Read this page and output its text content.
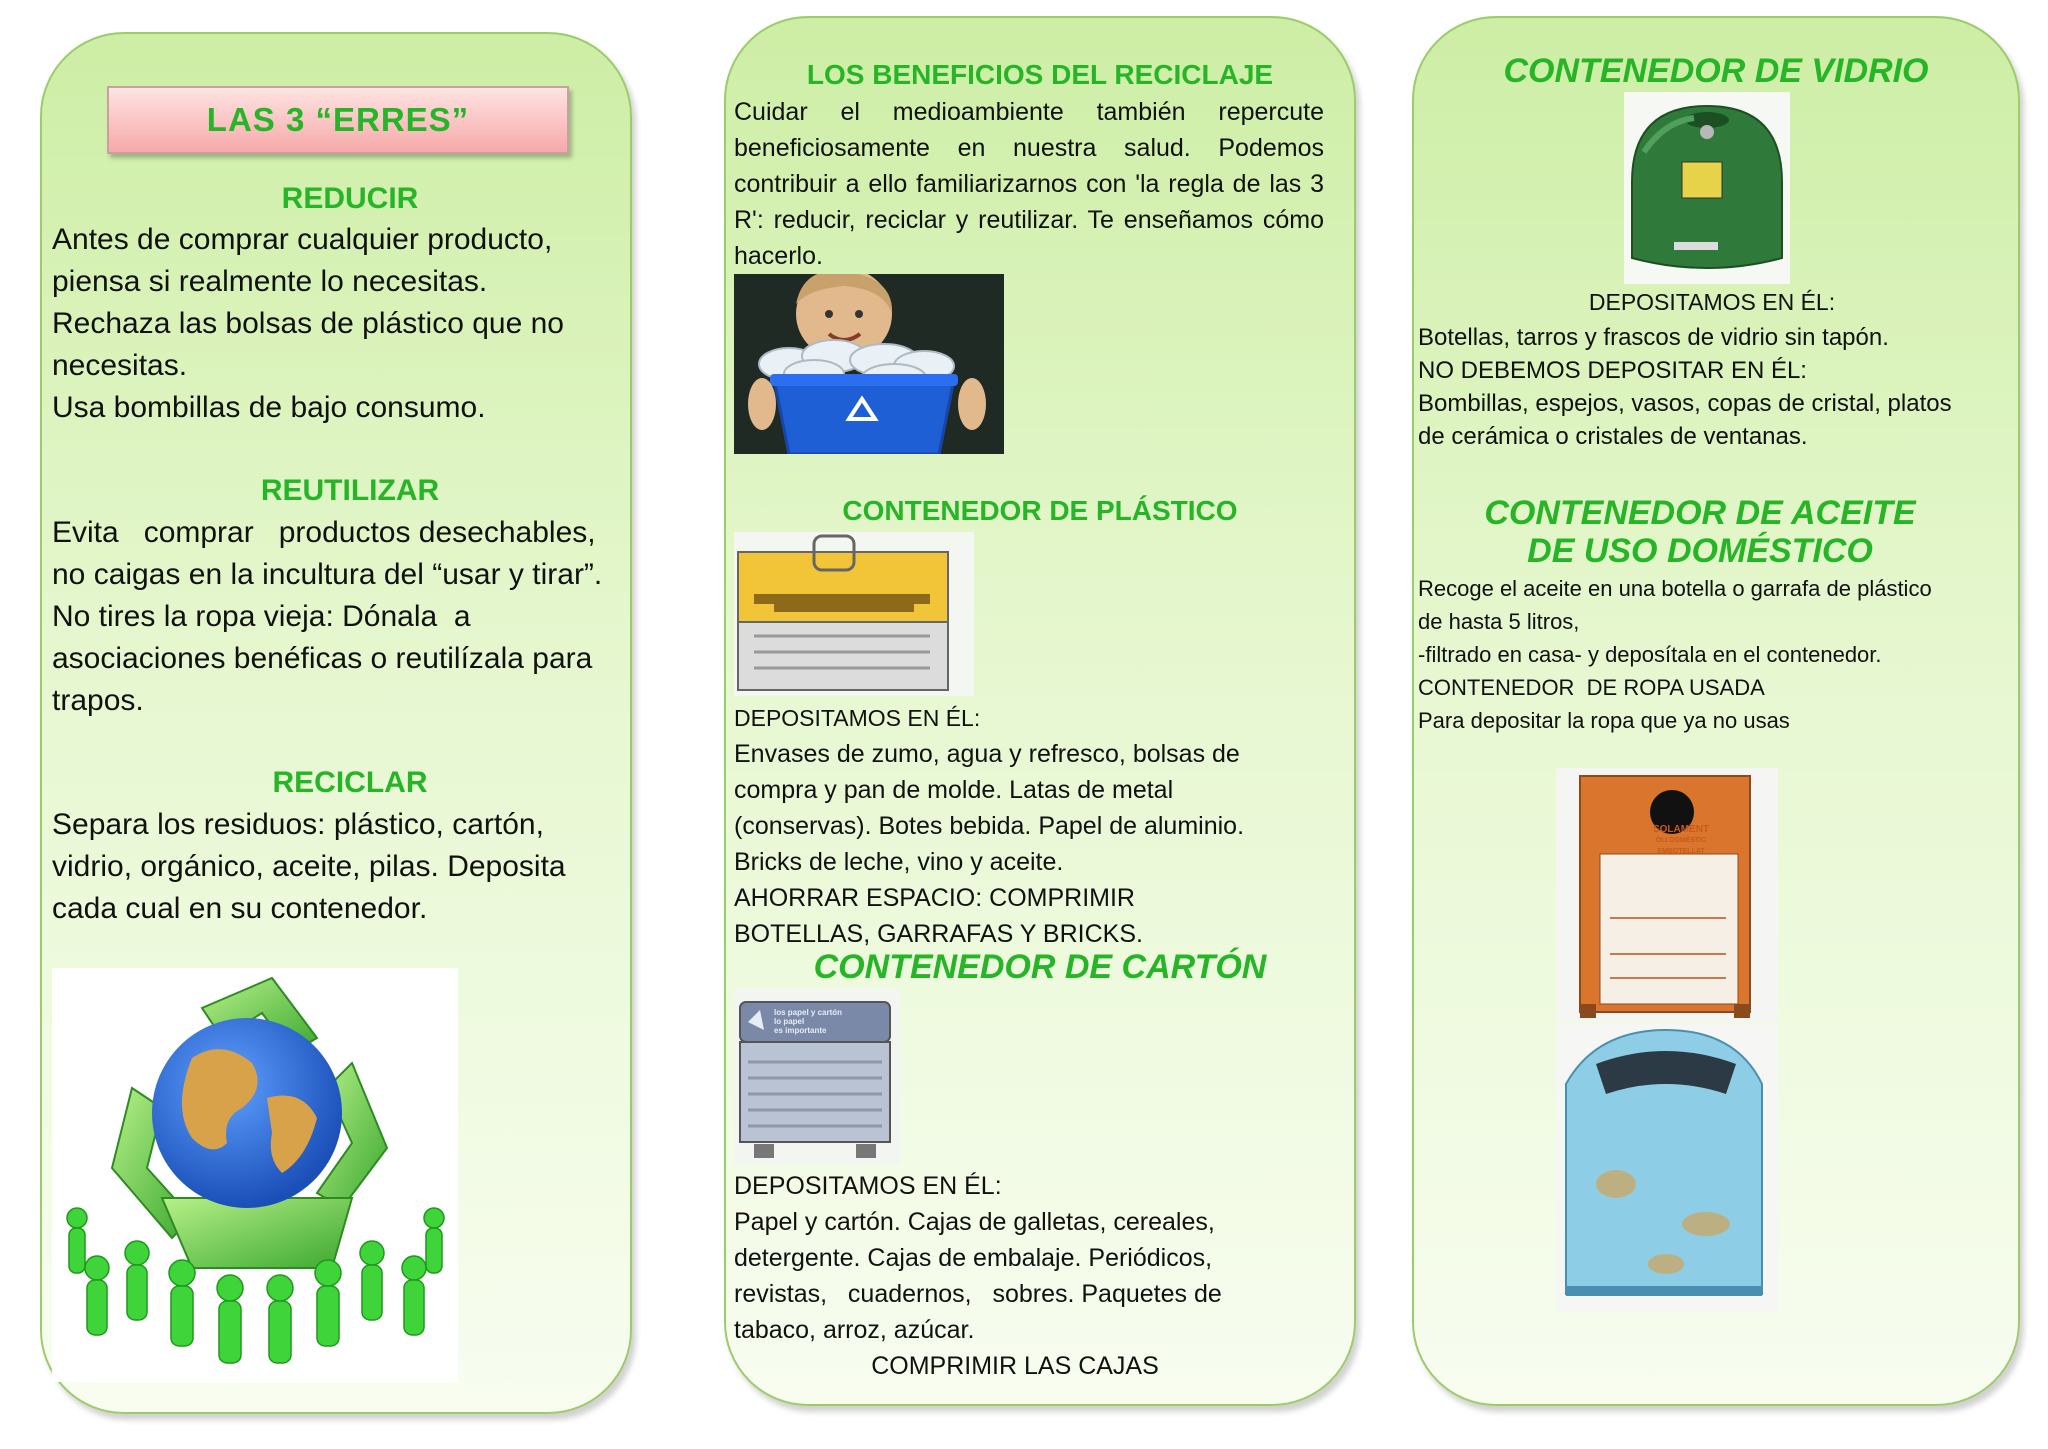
LAS 3 “ERRES”
REDUCIR
Antes de comprar cualquier producto,
piensa si realmente lo necesitas.
Rechaza las bolsas de plástico que no
necesitas.
Usa bombillas de bajo consumo.
REUTILIZAR
Evita   comprar   productos desechables,
no caigas en la incultura del “usar y tirar”.
No tires la ropa vieja: Dónala  a
asociaciones benéficas o reutilízala para
trapos.
RECICLAR
Separa los residuos: plástico, cartón,
vidrio, orgánico, aceite, pilas. Deposita
cada cual en su contenedor.
LOS BENEFICIOS DEL RECICLAJE
Cuidar el medioambiente también repercute beneficiosamente en nuestra salud. Podemos contribuir a ello familiarizarnos con 'la regla de las 3 R': reducir, reciclar y reutilizar. Te enseñamos cómo hacerlo.
CONTENEDOR DE PLÁSTICO
DEPOSITAMOS EN ÉL:
Envases de zumo, agua y refresco, bolsas de
compra y pan de molde. Latas de metal
(conservas). Botes bebida. Papel de aluminio.
Bricks de leche, vino y aceite.
AHORRAR ESPACIO: COMPRIMIR
BOTELLAS, GARRAFAS Y BRICKS.
CONTENEDOR DE CARTÓN
los papel y cartón
lo papel
es importante
DEPOSITAMOS EN ÉL:
Papel y cartón. Cajas de galletas, cereales,
detergente. Cajas de embalaje. Periódicos,
revistas,   cuadernos,   sobres. Paquetes de
tabaco, arroz, azúcar.
COMPRIMIR LAS CAJAS
CONTENEDOR DE VIDRIO
DEPOSITAMOS EN ÉL:
Botellas, tarros y frascos de vidrio sin tapón.
NO DEBEMOS DEPOSITAR EN ÉL:
Bombillas, espejos, vasos, copas de cristal, platos
de cerámica o cristales de ventanas.
CONTENEDOR DE ACEITE
DE USO DOMÉSTICO
Recoge el aceite en una botella o garrafa de plástico
de hasta 5 litros,
-filtrado en casa- y deposítala en el contenedor.
CONTENEDOR  DE ROPA USADA
Para depositar la ropa que ya no usas
SOLAMENT
OLI DOMÈSTIC
EMBOTELLAT
